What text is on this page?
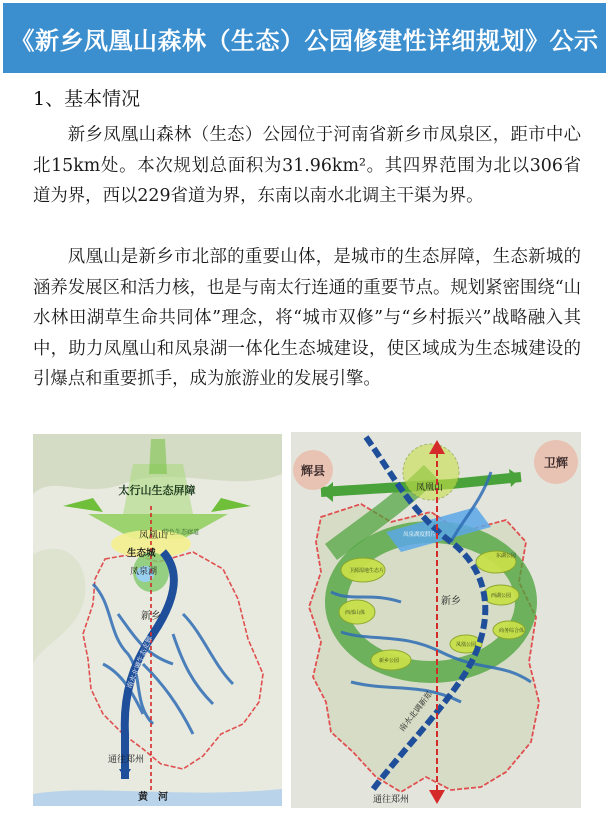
《新乡凤凰山森林（生态）公园修建性详细规划》公示
1、基本情况

新乡凤凰山森林（生态）公园位于河南省新乡市凤泉区，距市中心北15km处。本次规划总面积为31.96km²。其四界范围为北以306省道为界，西以229省道为界，东南以南水北调主干渠为界。

凤凰山是新乡市北部的重要山体，是城市的生态屏障，生态新城的涵养发展区和活力核，也是与南太行连通的重要节点。规划紧密围绕“山水林田湖草生命共同体”理念，将“城市双修”与“乡村振兴”战略融入其中，助力凤凰山和凤泉湖一体化生态城建设，使区域成为生态城建设的引爆点和重要抓手，成为旅游业的发展引擎。

太行山生态屏障
凤凰山
特色生态廊道
生态城
凤泉湖
新乡
南水北调生态走廊
通往郑州
黄　河
辉县
卫辉
凤凰山
凤泉湖度假片
卫源湿地生态片
西部山体
新乡公园
东湖公园
西湖公园
商务综合体
凤凰公园
新乡
南水北调新郑
通往郑州
